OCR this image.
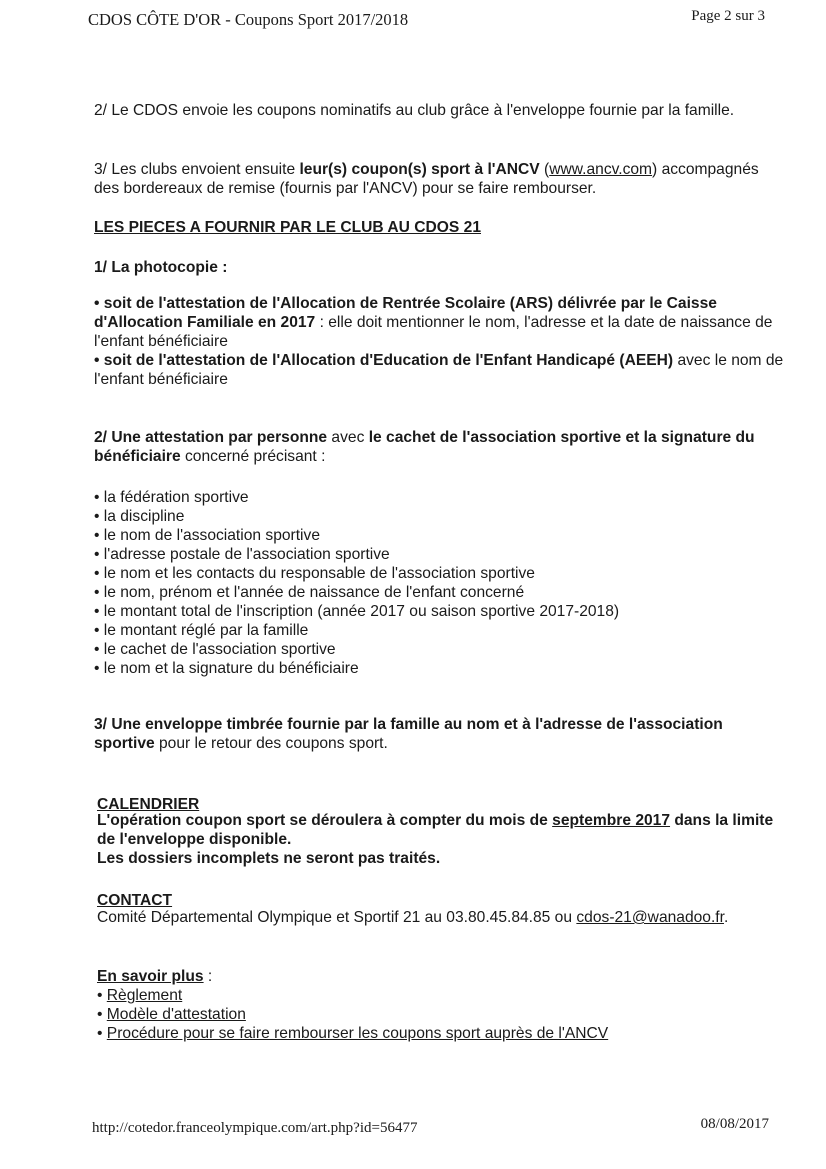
CDOS CÔTE D'OR - Coupons Sport 2017/2018	Page 2 sur 3

2/ Le CDOS envoie les coupons nominatifs au club grâce à l'enveloppe fournie par la famille.

3/ Les clubs envoient ensuite leur(s) coupon(s) sport à l'ANCV (www.ancv.com) accompagnés des bordereaux de remise (fournis par l'ANCV) pour se faire rembourser.

LES PIECES A FOURNIR PAR LE CLUB AU CDOS 21
1/ La photocopie :

• soit de l'attestation de l'Allocation de Rentrée Scolaire (ARS) délivrée par le Caisse d'Allocation Familiale en 2017 : elle doit mentionner le nom, l'adresse et la date de naissance de l'enfant bénéficiaire
• soit de l'attestation de l'Allocation d'Education de l'Enfant Handicapé (AEEH) avec le nom de l'enfant bénéficiaire

2/ Une attestation par personne avec le cachet de l'association sportive et la signature du bénéficiaire concerné précisant :

• la fédération sportive
• la discipline
• le nom de l'association sportive
• l'adresse postale de l'association sportive
• le nom et les contacts du responsable de l'association sportive
• le nom, prénom et l'année de naissance de l'enfant concerné
• le montant total de l'inscription (année 2017 ou saison sportive 2017-2018)
• le montant réglé par la famille
• le cachet de l'association sportive
• le nom et la signature du bénéficiaire

3/ Une enveloppe timbrée fournie par la famille au nom et à l'adresse de l'association sportive pour le retour des coupons sport.

CALENDRIER

L'opération coupon sport se déroulera à compter du mois de septembre 2017 dans la limite de l'enveloppe disponible.
Les dossiers incomplets ne seront pas traités.

CONTACT

Comité Départemental Olympique et Sportif 21 au 03.80.45.84.85 ou cdos-21@wanadoo.fr.

En savoir plus :
• Règlement
• Modèle d'attestation
• Procédure pour se faire rembourser les coupons sport auprès de l'ANCV
http://cotedor.franceolympique.com/art.php?id=56477	08/08/2017
